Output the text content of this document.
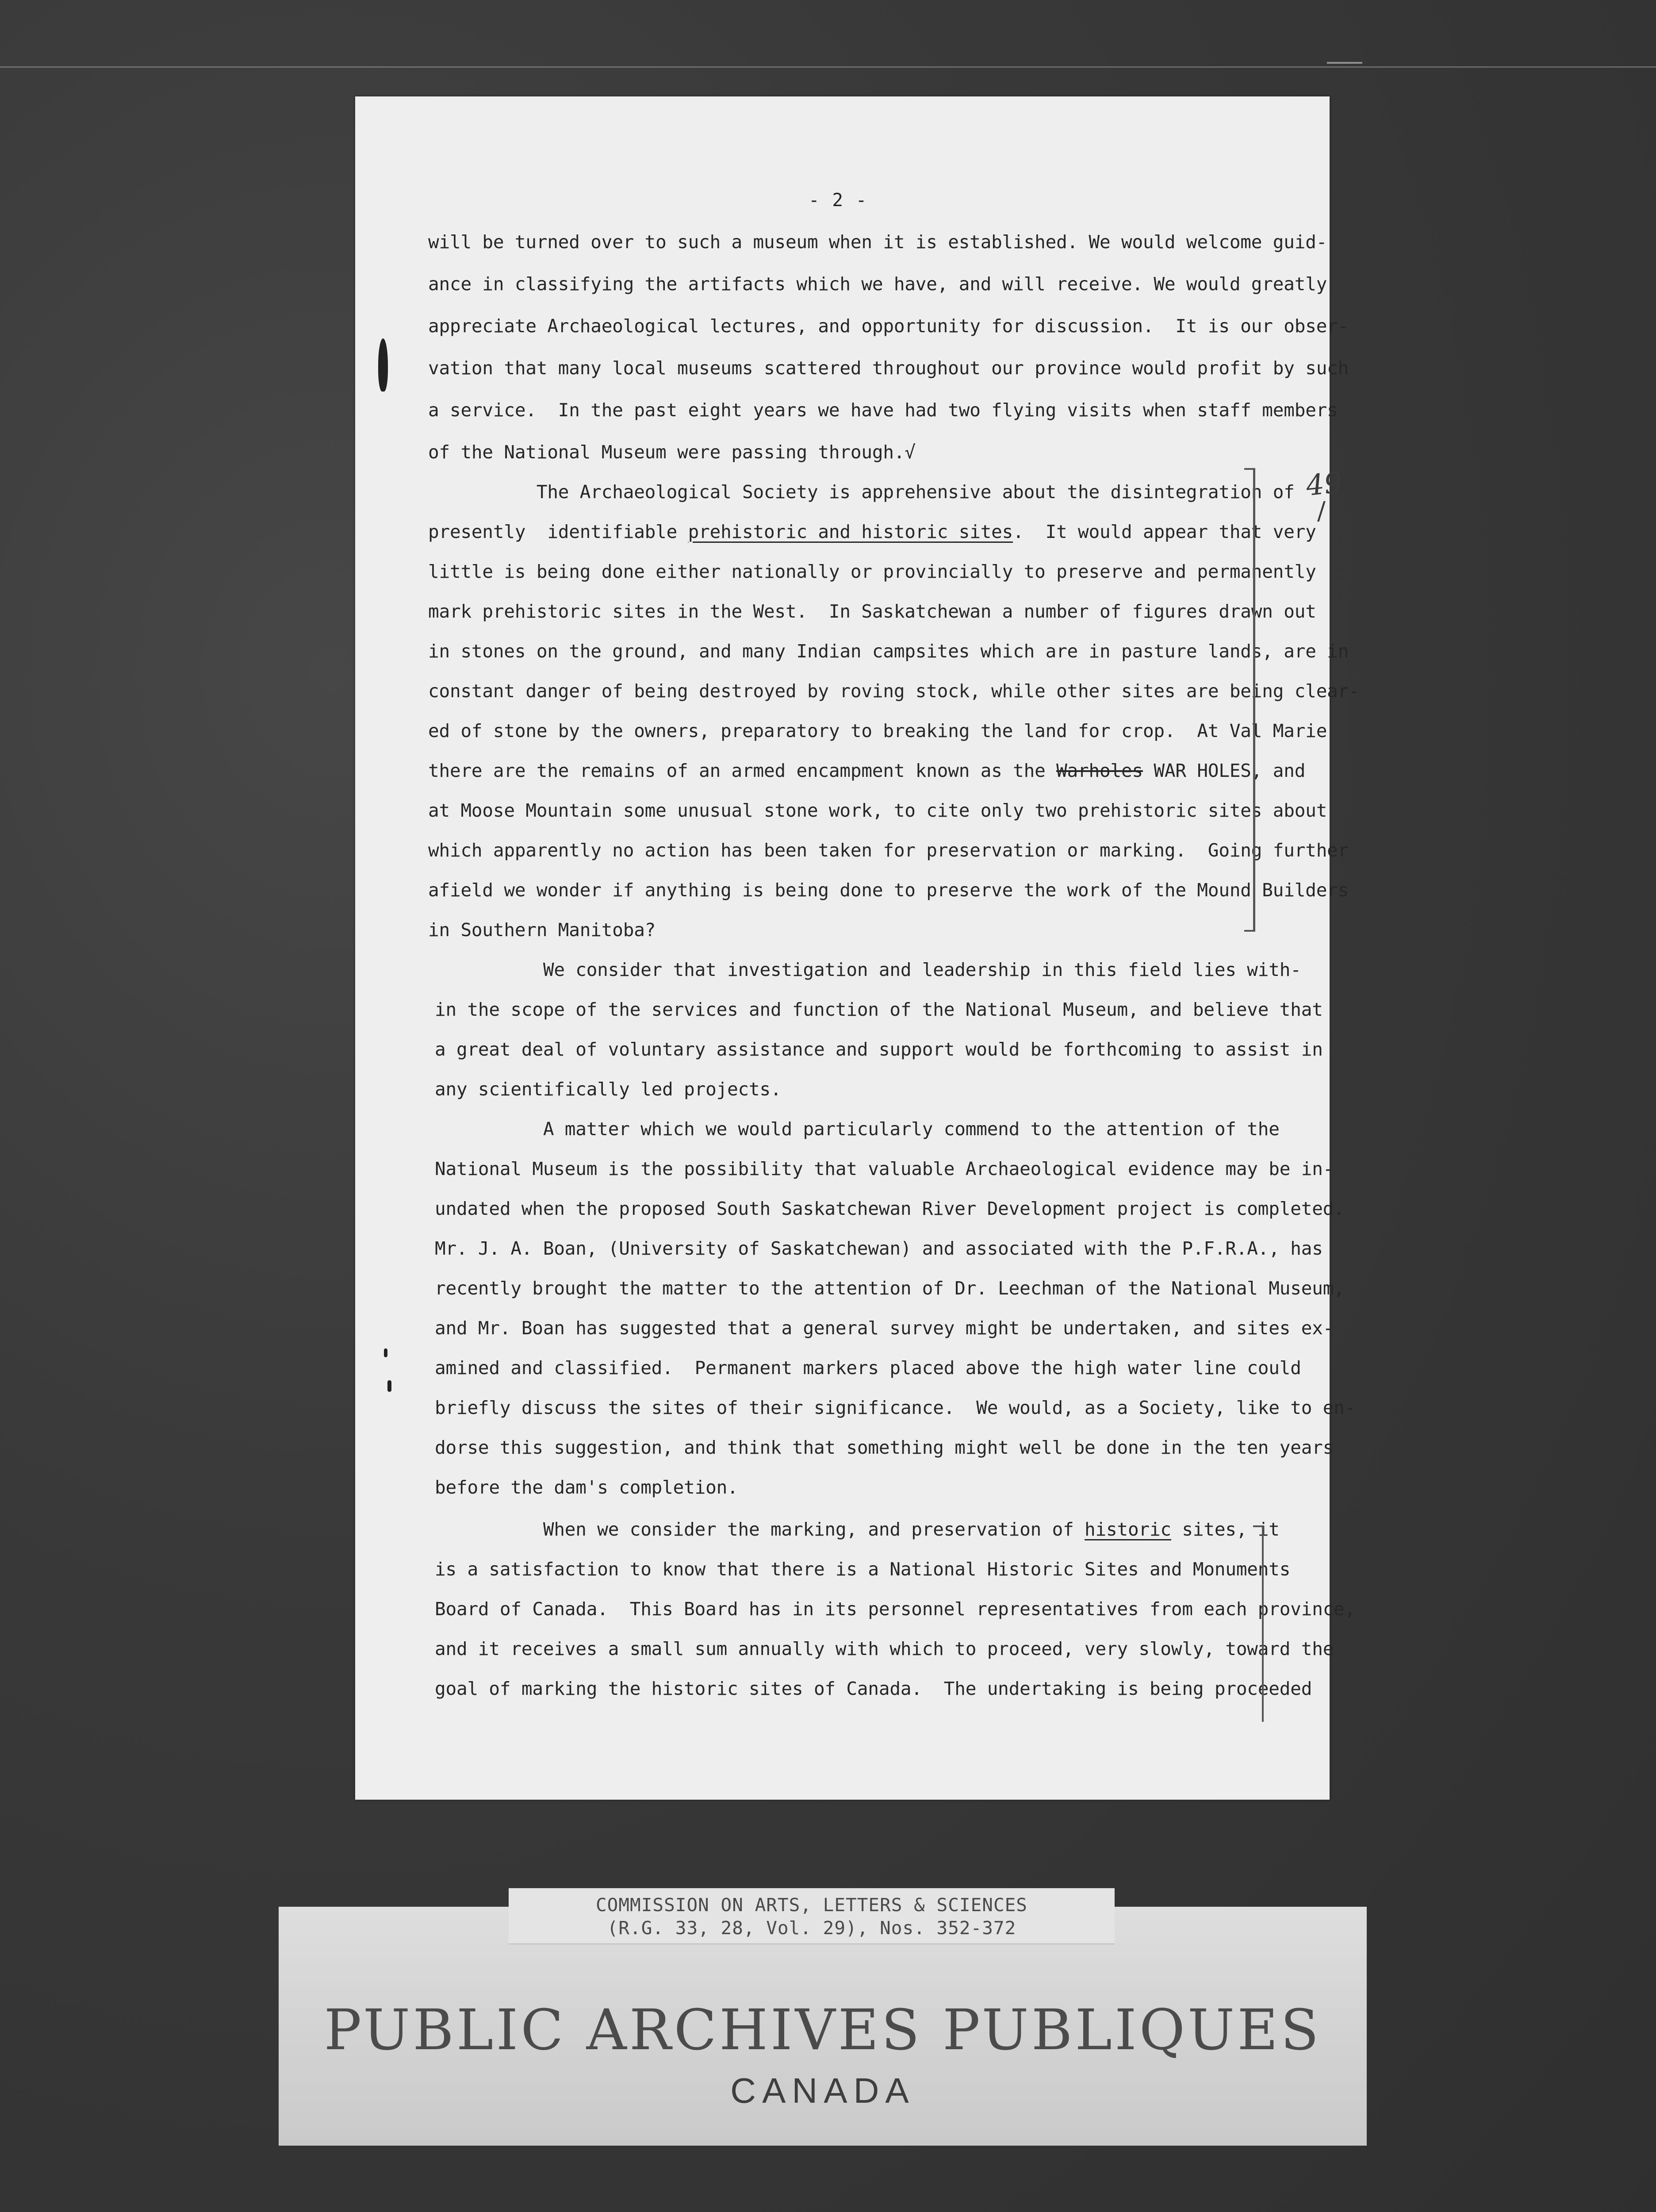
- 2 -
will be turned over to such a museum when it is established. We would welcome guid-
ance in classifying the artifacts which we have, and will receive. We would greatly
appreciate Archaeological lectures, and opportunity for discussion.  It is our obser-
vation that many local museums scattered throughout our province would profit by such
a service.  In the past eight years we have had two flying visits when staff members
of the National Museum were passing through.√
The Archaeological Society is apprehensive about the disintegration of
presently  identifiable prehistoric and historic sites.  It would appear that very
little is being done either nationally or provincially to preserve and permanently
mark prehistoric sites in the West.  In Saskatchewan a number of figures drawn out
in stones on the ground, and many Indian campsites which are in pasture lands, are in
constant danger of being destroyed by roving stock, while other sites are being clear-
ed of stone by the owners, preparatory to breaking the land for crop.  At Val Marie
there are the remains of an armed encampment known as the Warholes WAR HOLES, and
at Moose Mountain some unusual stone work, to cite only two prehistoric sites about
which apparently no action has been taken for preservation or marking.  Going further
afield we wonder if anything is being done to preserve the work of the Mound Builders
in Southern Manitoba?
We consider that investigation and leadership in this field lies with-
in the scope of the services and function of the National Museum, and believe that
a great deal of voluntary assistance and support would be forthcoming to assist in
any scientifically led projects.
A matter which we would particularly commend to the attention of the
National Museum is the possibility that valuable Archaeological evidence may be in-
undated when the proposed South Saskatchewan River Development project is completed.
Mr. J. A. Boan, (University of Saskatchewan) and associated with the P.F.R.A., has
recently brought the matter to the attention of Dr. Leechman of the National Museum,
and Mr. Boan has suggested that a general survey might be undertaken, and sites ex-
amined and classified.  Permanent markers placed above the high water line could
briefly discuss the sites of their significance.  We would, as a Society, like to en-
dorse this suggestion, and think that something might well be done in the ten years
before the dam's completion.
When we consider the marking, and preservation of historic sites, it
is a satisfaction to know that there is a National Historic Sites and Monuments
Board of Canada.  This Board has in its personnel representatives from each province,
and it receives a small sum annually with which to proceed, very slowly, toward the
goal of marking the historic sites of Canada.  The undertaking is being proceeded
49
/
COMMISSION ON ARTS, LETTERS & SCIENCES
(R.G. 33, 28, Vol. 29), Nos. 352-372
PUBLIC ARCHIVES PUBLIQUES
CANADA
